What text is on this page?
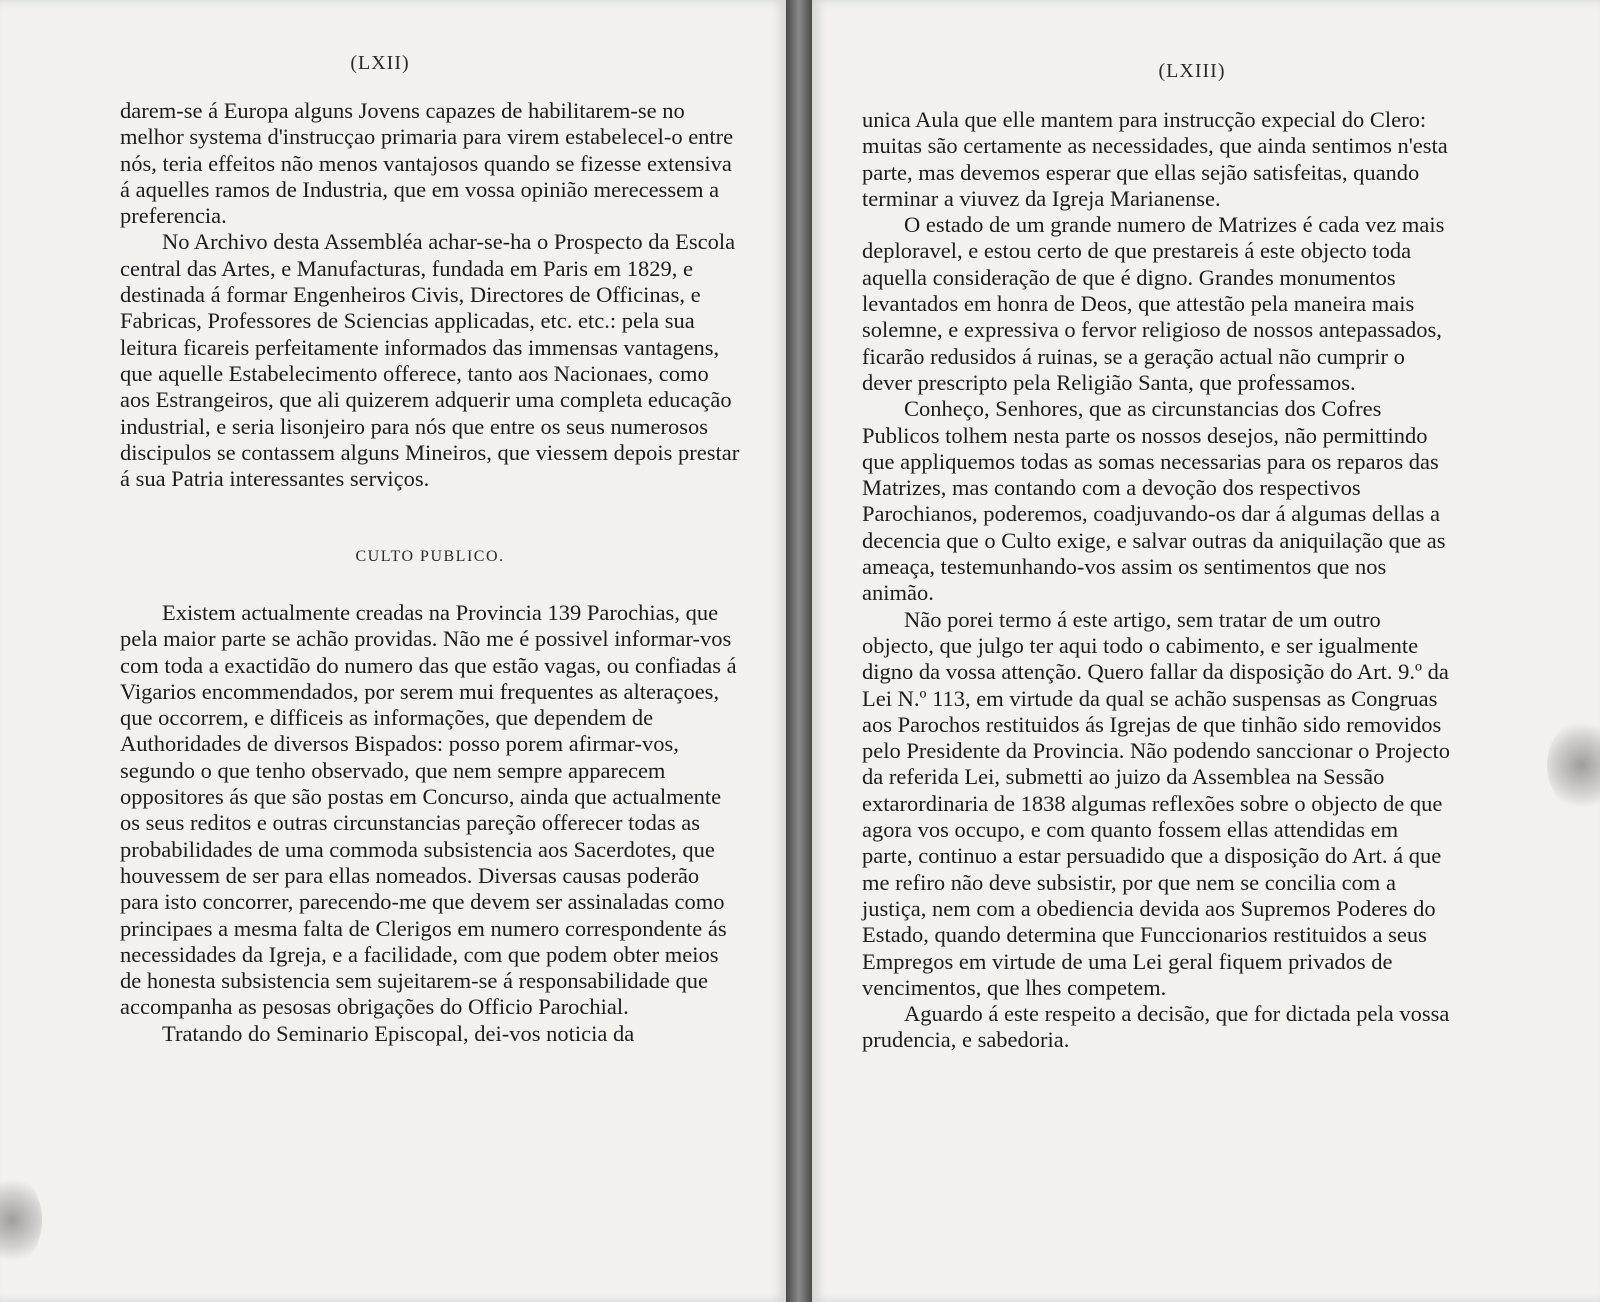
(LXII)

darem-se á Europa alguns Jovens capazes de habilitarem-se no melhor systema d'instrucçao primaria para virem estabelecel-o entre nós, teria effeitos não menos vantajosos quando se fizesse extensiva á aquelles ramos de Industria, que em vossa opinião merecessem a preferencia.

No Archivo desta Assembléa achar-se-ha o Prospecto da Escola central das Artes, e Manufacturas, fundada em Paris em 1829, e destinada á formar Engenheiros Civis, Directores de Officinas, e Fabricas, Professores de Sciencias applicadas, etc. etc.: pela sua leitura ficareis perfeitamente informados das immensas vantagens, que aquelle Estabelecimento offerece, tanto aos Nacionaes, como aos Estrangeiros, que ali quizerem adquerir uma completa educação industrial, e seria lisonjeiro para nós que entre os seus numerosos discipulos se contassem alguns Mineiros, que viessem depois prestar á sua Patria interessantes serviços.

CULTO PUBLICO.

Existem actualmente creadas na Provincia 139 Parochias, que pela maior parte se achão providas. Não me é possivel informar-vos com toda a exactidão do numero das que estão vagas, ou confiadas á Vigarios encommendados, por serem mui frequentes as alteraçoes, que occorrem, e difficeis as informações, que dependem de Authoridades de diversos Bispados: posso porem afirmar-vos, segundo o que tenho observado, que nem sempre apparecem oppositores ás que são postas em Concurso, ainda que actualmente os seus reditos e outras circunstancias pareção offerecer todas as probabilidades de uma commoda subsistencia aos Sacerdotes, que houvessem de ser para ellas nomeados. Diversas causas poderão para isto concorrer, parecendo-me que devem ser assinaladas como principaes a mesma falta de Clerigos em numero correspondente ás necessidades da Igreja, e a facilidade, com que podem obter meios de honesta subsistencia sem sujeitarem-se á responsabilidade que accompanha as pesosas obrigações do Officio Parochial.

Tratando do Seminario Episcopal, dei-vos noticia da

(LXIII)

unica Aula que elle mantem para instrucção expecial do Clero: muitas são certamente as necessidades, que ainda sentimos n'esta parte, mas devemos esperar que ellas sejão satisfeitas, quando terminar a viuvez da Igreja Marianense.

O estado de um grande numero de Matrizes é cada vez mais deploravel, e estou certo de que prestareis á este objecto toda aquella consideração de que é digno. Grandes monumentos levantados em honra de Deos, que attestão pela maneira mais solemne, e expressiva o fervor religioso de nossos antepassados, ficarão redusidos á ruinas, se a geração actual não cumprir o dever prescripto pela Religião Santa, que professamos.

Conheço, Senhores, que as circunstancias dos Cofres Publicos tolhem nesta parte os nossos desejos, não permittindo que appliquemos todas as somas necessarias para os reparos das Matrizes, mas contando com a devoção dos respectivos Parochianos, poderemos, coadjuvando-os dar á algumas dellas a decencia que o Culto exige, e salvar outras da aniquilação que as ameaça, testemunhando-vos assim os sentimentos que nos animão.

Não porei termo á este artigo, sem tratar de um outro objecto, que julgo ter aqui todo o cabimento, e ser igualmente digno da vossa attenção. Quero fallar da disposição do Art. 9.º da Lei N.º 113, em virtude da qual se achão suspensas as Congruas aos Parochos restituidos ás Igrejas de que tinhão sido removidos pelo Presidente da Provincia. Não podendo sanccionar o Projecto da referida Lei, submetti ao juizo da Assemblea na Sessão extarordinaria de 1838 algumas reflexões sobre o objecto de que agora vos occupo, e com quanto fossem ellas attendidas em parte, continuo a estar persuadido que a disposição do Art. á que me refiro não deve subsistir, por que nem se concilia com a justiça, nem com a obediencia devida aos Supremos Poderes do Estado, quando determina que Funccionarios restituidos a seus Empregos em virtude de uma Lei geral fiquem privados de vencimentos, que lhes competem.

Aguardo á este respeito a decisão, que for dictada pela vossa prudencia, e sabedoria.
